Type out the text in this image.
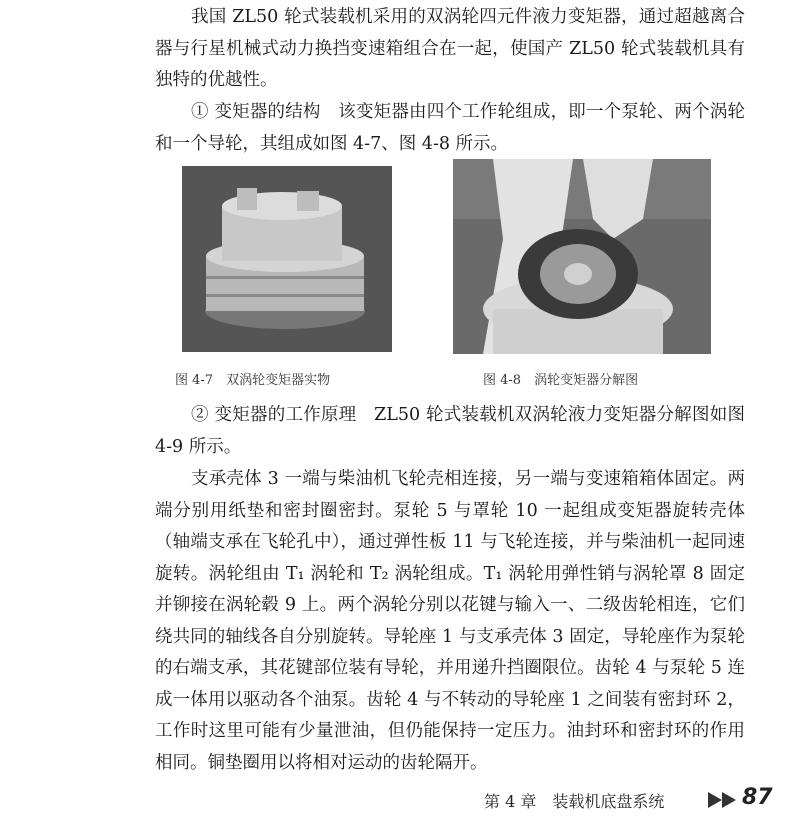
我国 ZL50 轮式装载机采用的双涡轮四元件液力变矩器，通过超越离合器与行星机械式动力换挡变速箱组合在一起，使国产 ZL50 轮式装载机具有独特的优越性。

① 变矩器的结构　该变矩器由四个工作轮组成，即一个泵轮、两个涡轮和一个导轮，其组成如图 4-7、图 4-8 所示。

图 4-7　双涡轮变矩器实物	图 4-8　涡轮变矩器分解图

② 变矩器的工作原理　ZL50 轮式装载机双涡轮液力变矩器分解图如图 4-9 所示。

支承壳体 3 一端与柴油机飞轮壳相连接，另一端与变速箱箱体固定。两端分别用纸垫和密封圈密封。泵轮 5 与罩轮 10 一起组成变矩器旋转壳体（轴端支承在飞轮孔中），通过弹性板 11 与飞轮连接，并与柴油机一起同速旋转。涡轮组由 T₁ 涡轮和 T₂ 涡轮组成。T₁ 涡轮用弹性销与涡轮罩 8 固定并铆接在涡轮毂 9 上。两个涡轮分别以花键与输入一、二级齿轮相连，它们绕共同的轴线各自分别旋转。导轮座 1 与支承壳体 3 固定，导轮座作为泵轮的右端支承，其花键部位装有导轮，并用递升挡圈限位。齿轮 4 与泵轮 5 连成一体用以驱动各个油泵。齿轮 4 与不转动的导轮座 1 之间装有密封环 2，工作时这里可能有少量泄油，但仍能保持一定压力。油封环和密封环的作用相同。铜垫圈用以将相对运动的齿轮隔开。

第 4 章　装载机底盘系统	87
